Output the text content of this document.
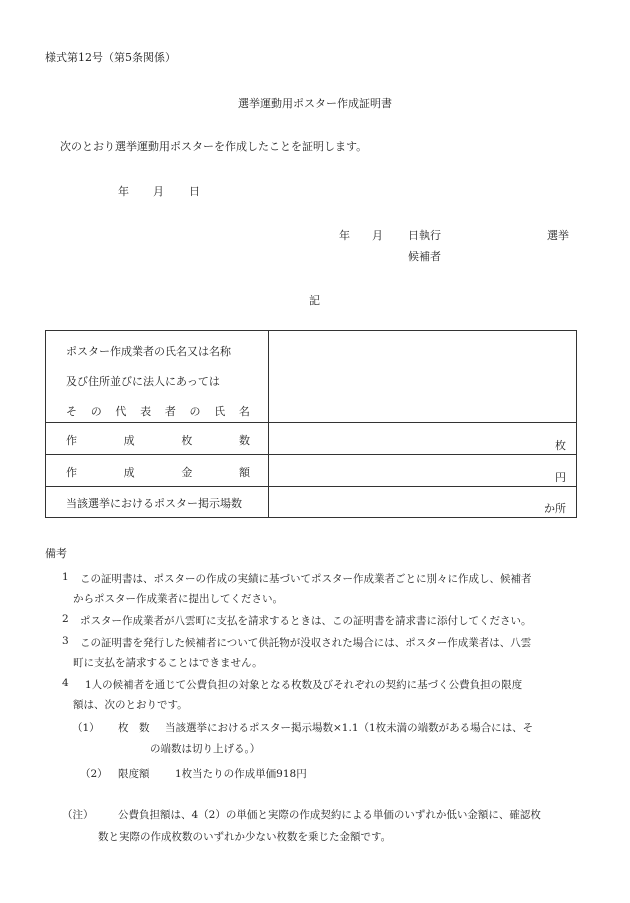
様式第12号（第5条関係）
選挙運動用ポスター作成証明書
次のとおり選挙運動用ポスターを作成したことを証明します。
年 月 日
年 月 日執行	選挙
候補者
記
ポスター作成業者の氏名又は名称
及び住所並びに法人にあっては
そ の 代 表 者 の 氏 名
作	成	枚	数	枚
作	成	金	額	円
当該選挙におけるポスター掲示場数	か所
備考
1 この証明書は、ポスターの作成の実績に基づいてポスター作成業者ごとに別々に作成し、候補者
からポスター作成業者に提出してください。
2 ポスター作成業者が八雲町に支払を請求するときは、この証明書を請求書に添付してください。
3 この証明書を発行した候補者について供託物が没収された場合には、ポスター作成業者は、八雲
町に支払を請求することはできません。
4 1人の候補者を通じて公費負担の対象となる枚数及びそれぞれの契約に基づく公費負担の限度
額は、次のとおりです。
（1） 枚　数 当該選挙におけるポスター掲示場数×1.1（1枚未満の端数がある場合には、そ
の端数は切り上げる。）
（2） 限度額 1枚当たりの作成単価918円
（注） 公費負担額は、4（2）の単価と実際の作成契約による単価のいずれか低い金額に、確認枚
数と実際の作成枚数のいずれか少ない枚数を乗じた金額です。
